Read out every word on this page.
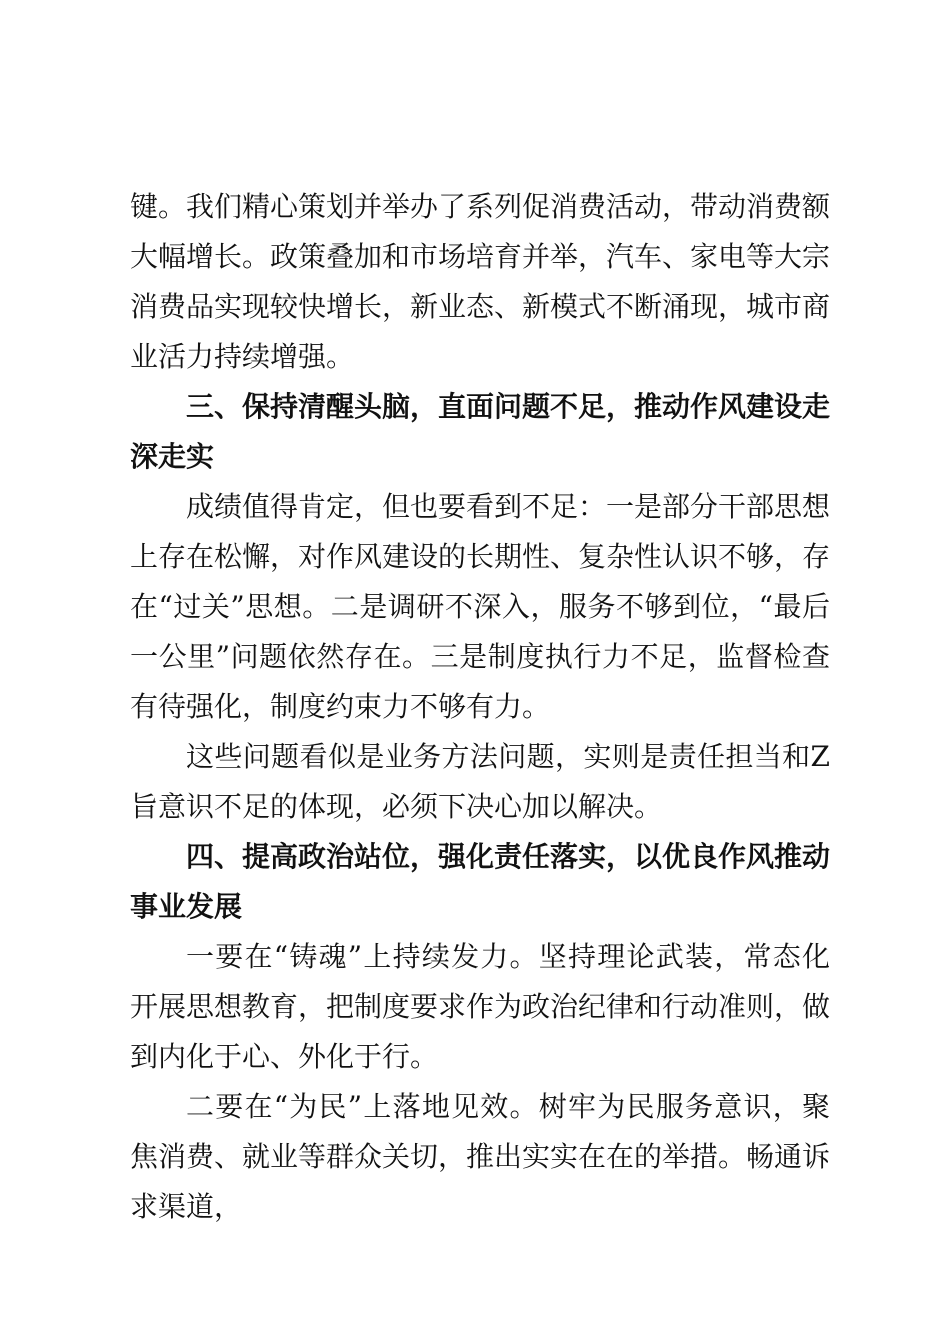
键。我们精心策划并举办了系列促消费活动，带动消费额大幅增长。政策叠加和市场培育并举，汽车、家电等大宗消费品实现较快增长，新业态、新模式不断涌现，城市商业活力持续增强。

三、保持清醒头脑，直面问题不足，推动作风建设走深走实

成绩值得肯定，但也要看到不足：一是部分干部思想上存在松懈，对作风建设的长期性、复杂性认识不够，存在“过关”思想。二是调研不深入，服务不够到位，“最后一公里”问题依然存在。三是制度执行力不足，监督检查有待强化，制度约束力不够有力。

这些问题看似是业务方法问题，实则是责任担当和Z旨意识不足的体现，必须下决心加以解决。

四、提高政治站位，强化责任落实，以优良作风推动事业发展

一要在“铸魂”上持续发力。坚持理论武装，常态化开展思想教育，把制度要求作为政治纪律和行动准则，做到内化于心、外化于行。

二要在“为民”上落地见效。树牢为民服务意识，聚焦消费、就业等群众关切，推出实实在在的举措。畅通诉求渠道，
